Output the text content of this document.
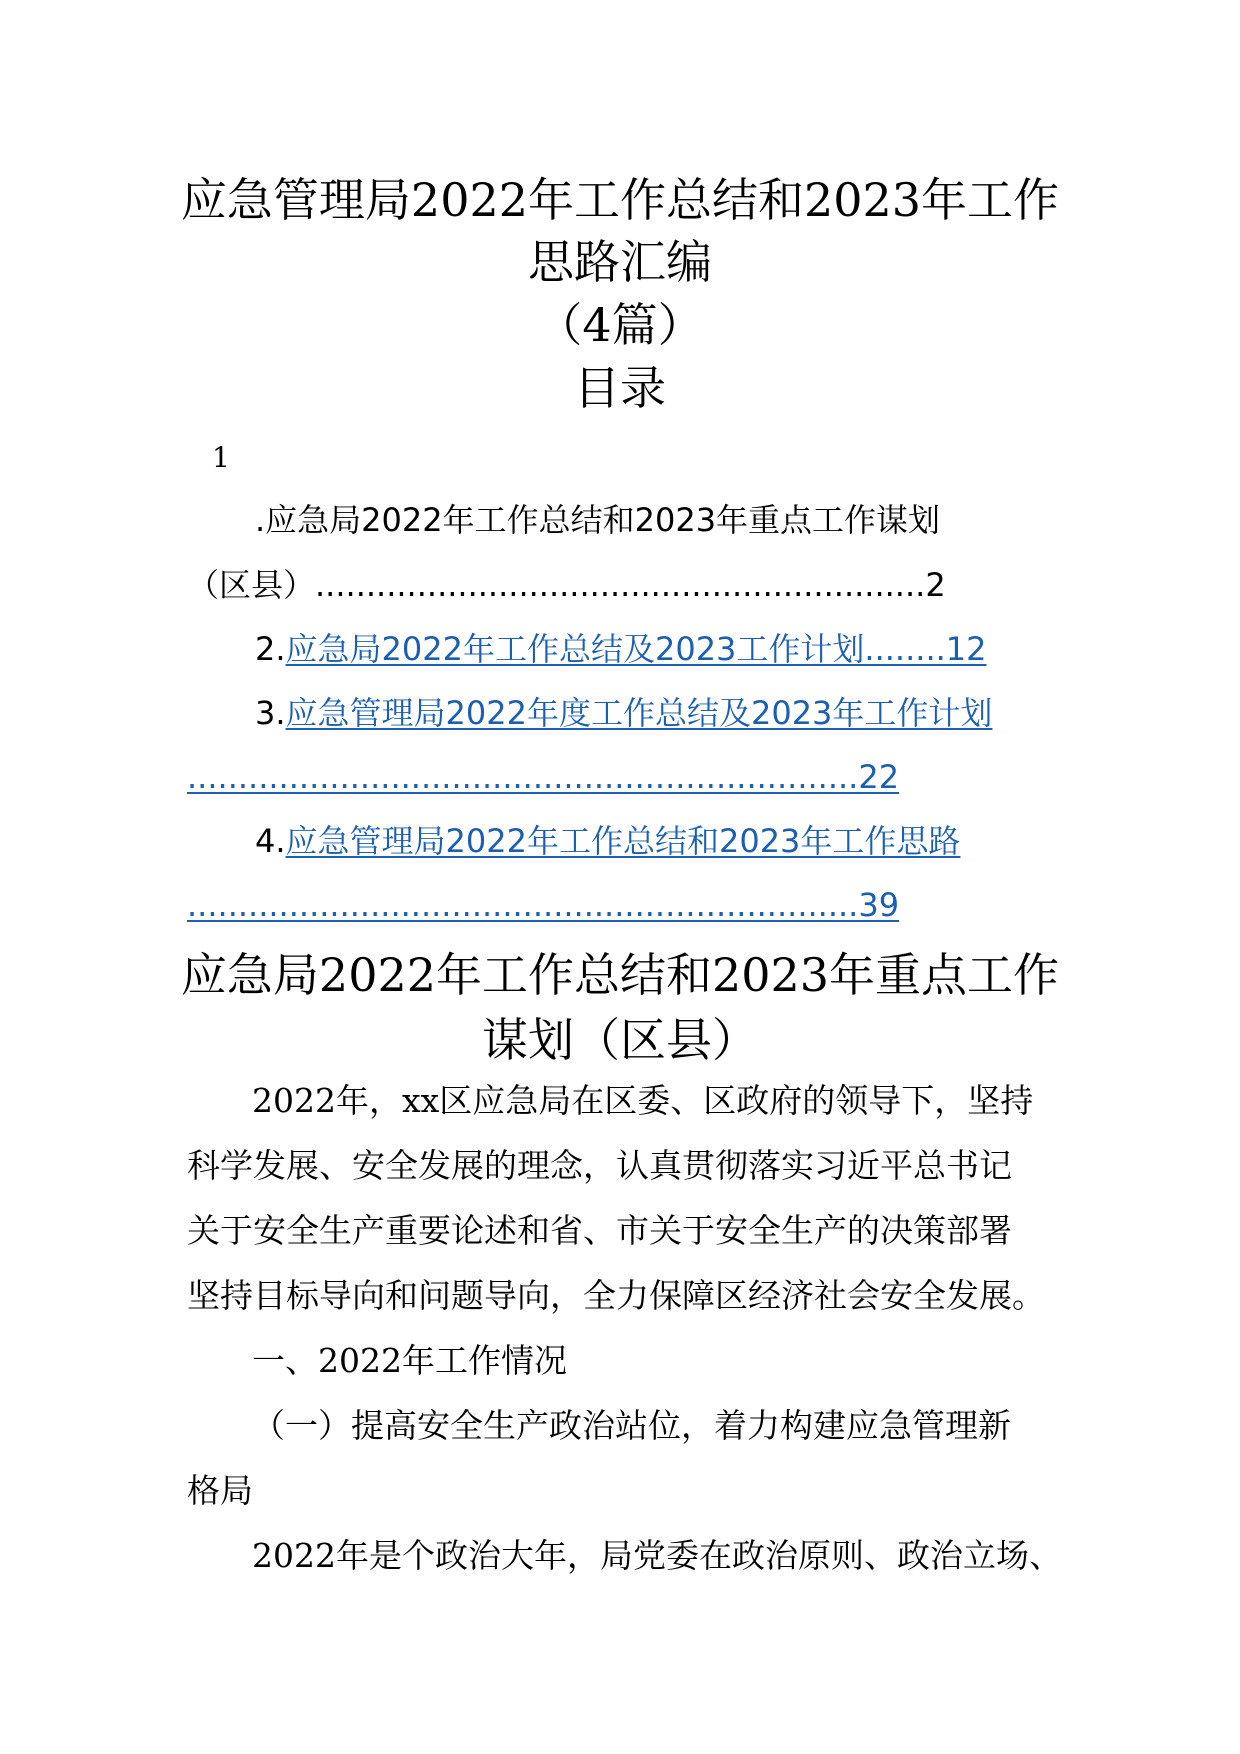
应急管理局2022年工作总结和2023年工作
思路汇编
（4篇）
目录
1
.应急局2022年工作总结和2023年重点工作谋划
（区县）............................................................2
2.应急局2022年工作总结及2023工作计划........12
3.应急管理局2022年度工作总结及2023年工作计划
..................................................................22
4.应急管理局2022年工作总结和2023年工作思路
..................................................................39
应急局2022年工作总结和2023年重点工作
谋划（区县）
2022年，xx区应急局在区委、区政府的领导下，坚持
科学发展、安全发展的理念，认真贯彻落实习近平总书记
关于安全生产重要论述和省、市关于安全生产的决策部署
坚持目标导向和问题导向，全力保障区经济社会安全发展。
一、2022年工作情况
（一）提高安全生产政治站位，着力构建应急管理新
格局
2022年是个政治大年，局党委在政治原则、政治立场、
